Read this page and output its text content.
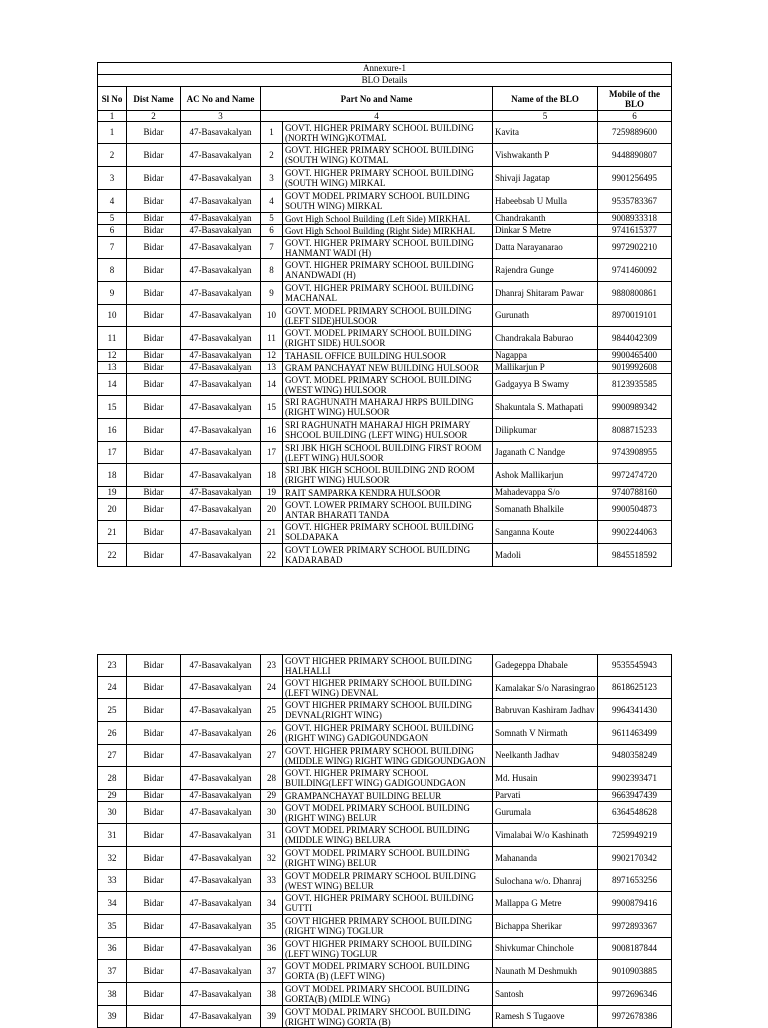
Annexure-1						
BLO Details						
Sl No	Dist Name	AC No and Name	Part No and Name		Name of the BLO	Mobile of the BLO
1	2	3	4		5	6
1	Bidar	47-Basavakalyan	1	GOVT. HIGHER PRIMARY SCHOOL BUILDING (NORTH WING)KOTMAL	Kavita	7259889600
2	Bidar	47-Basavakalyan	2	GOVT. HIGHER PRIMARY SCHOOL BUILDING (SOUTH WING) KOTMAL	Vishwakanth P	9448890807
3	Bidar	47-Basavakalyan	3	GOVT. HIGHER PRIMARY SCHOOL BUILDING (SOUTH WING) MIRKAL	Shivaji Jagatap	9901256495
4	Bidar	47-Basavakalyan	4	GOVT MODEL PRIMARY SCHOOL BUILDING SOUTH WING) MIRKAL	Habeebsab U Mulla	9535783367
5	Bidar	47-Basavakalyan	5	Govt High School Building (Left Side) MIRKHAL	Chandrakanth	9008933318
6	Bidar	47-Basavakalyan	6	Govt High School Building (Right Side) MIRKHAL	Dinkar S Metre	9741615377
7	Bidar	47-Basavakalyan	7	GOVT. HIGHER PRIMARY SCHOOL BUILDING HANMANT WADI (H)	Datta Narayanarao	9972902210
8	Bidar	47-Basavakalyan	8	GOVT. HIGHER PRIMARY SCHOOL BUILDING ANANDWADI (H)	Rajendra Gunge	9741460092
9	Bidar	47-Basavakalyan	9	GOVT. HIGHER PRIMARY SCHOOL BUILDING MACHANAL	Dhanraj Shitaram Pawar	9880800861
10	Bidar	47-Basavakalyan	10	GOVT. MODEL PRIMARY SCHOOL BUILDING (LEFT SIDE)HULSOOR	Gurunath	8970019101
11	Bidar	47-Basavakalyan	11	GOVT. MODEL PRIMARY SCHOOL BUILDING (RIGHT SIDE) HULSOOR	Chandrakala Baburao	9844042309
12	Bidar	47-Basavakalyan	12	TAHASIL OFFICE BUILDING HULSOOR	Nagappa	9900465400
13	Bidar	47-Basavakalyan	13	GRAM PANCHAYAT NEW BUILDING HULSOOR	Mallikarjun P	9019992608
14	Bidar	47-Basavakalyan	14	GOVT. MODEL PRIMARY SCHOOL BUILDING (WEST WING) HULSOOR	Gadgayya B Swamy	8123935585
15	Bidar	47-Basavakalyan	15	SRI RAGHUNATH MAHARAJ HRPS BUILDING (RIGHT WING) HULSOOR	Shakuntala S. Mathapati	9900989342
16	Bidar	47-Basavakalyan	16	SRI RAGHUNATH MAHARAJ HIGH PRIMARY SHCOOL BUILDING (LEFT WING) HULSOOR	Dilipkumar	8088715233
17	Bidar	47-Basavakalyan	17	SRI JBK HIGH SCHOOL BUILDING FIRST ROOM (LEFT WING) HULSOOR	Jaganath C Nandge	9743908955
18	Bidar	47-Basavakalyan	18	SRI JBK HIGH SCHOOL BUILDING 2ND ROOM (RIGHT WING) HULSOOR	Ashok Mallikarjun	9972474720
19	Bidar	47-Basavakalyan	19	RAIT SAMPARKA KENDRA HULSOOR	Mahadevappa S/o	9740788160
20	Bidar	47-Basavakalyan	20	GOVT. LOWER PRIMARY SCHOOL BUILDING ANTAR BHARATI TANDA	Somanath Bhalkile	9900504873
21	Bidar	47-Basavakalyan	21	GOVT. HIGHER PRIMARY SCHOOL BUILDING SOLDAPAKA	Sanganna Koute	9902244063
22	Bidar	47-Basavakalyan	22	GOVT LOWER PRIMARY SCHOOL BUILDING KADARABAD	Madoli	9845518592
23	Bidar	47-Basavakalyan	23	GOVT HIGHER PRIMARY SCHOOL BUILDING HALHALLI	Gadegeppa Dhabale	9535545943
24	Bidar	47-Basavakalyan	24	GOVT HIGHER PRIMARY SCHOOL BUILDING (LEFT WING) DEVNAL	Kamalakar S/o Narasingrao	8618625123
25	Bidar	47-Basavakalyan	25	GOVT HIGHER PRIMARY SCHOOL BUILDING DEVNAL(RIGHT WING)	Babruvan Kashiram Jadhav	9964341430
26	Bidar	47-Basavakalyan	26	GOVT. HIGHER PRIMARY SCHOOL BUILDING (RIGHT WING) GADIGOUNDGAON	Somnath V Nirmath	9611463499
27	Bidar	47-Basavakalyan	27	GOVT. HIGHER PRIMARY SCHOOL BUILDING (MIDDLE WING) RIGHT WING GDIGOUNDGAON	Neelkanth Jadhav	9480358249
28	Bidar	47-Basavakalyan	28	GOVT. HIGHER PRIMARY SCHOOL BUILDING(LEFT WING) GADIGOUNDGAON	Md. Husain	9902393471
29	Bidar	47-Basavakalyan	29	GRAMPANCHAYAT BUILDING BELUR	Parvati	9663947439
30	Bidar	47-Basavakalyan	30	GOVT MODEL PRIMARY SCHOOL BUILDING (RIGHT WING) BELUR	Gurumala	6364548628
31	Bidar	47-Basavakalyan	31	GOVT MODEL PRIMARY SCHOOL BUILDING (MIDDLE WING) BELURA	Vimalabai W/o Kashinath	7259949219
32	Bidar	47-Basavakalyan	32	GOVT MODEL PRIMARY SCHOOL BUILDING (RIGHT WING) BELUR	Mahananda	9902170342
33	Bidar	47-Basavakalyan	33	GOVT MODELR PRIMARY SCHOOL BUILDING (WEST WING) BELUR	Sulochana w/o. Dhanraj	8971653256
34	Bidar	47-Basavakalyan	34	GOVT. HIGHER PRIMARY SCHOOL BUILDING GUTTI	Mallappa G Metre	9900879416
35	Bidar	47-Basavakalyan	35	GOVT HIGHER PRIMARY SCHOOL BUILDING (RIGHT WING) TOGLUR	Bichappa Sherikar	9972893367
36	Bidar	47-Basavakalyan	36	GOVT HIGHER PRIMARY SCHOOL BUILDING (LEFT WING) TOGLUR	Shivkumar Chinchole	9008187844
37	Bidar	47-Basavakalyan	37	GOVT MODEL PRIMARY SCHOOL BUILDING GORTA (B) (LEFT WING)	Naunath M Deshmukh	9010903885
38	Bidar	47-Basavakalyan	38	GOVT MODEL PRIMARY SHCOOL BUILDING GORTA(B) (MIDLE WING)	Santosh	9972696346
39	Bidar	47-Basavakalyan	39	GOVT MODAL PRIMARY SHCOOL BUILDING (RIGHT WING) GORTA (B)	Ramesh S Tugaove	9972678386
